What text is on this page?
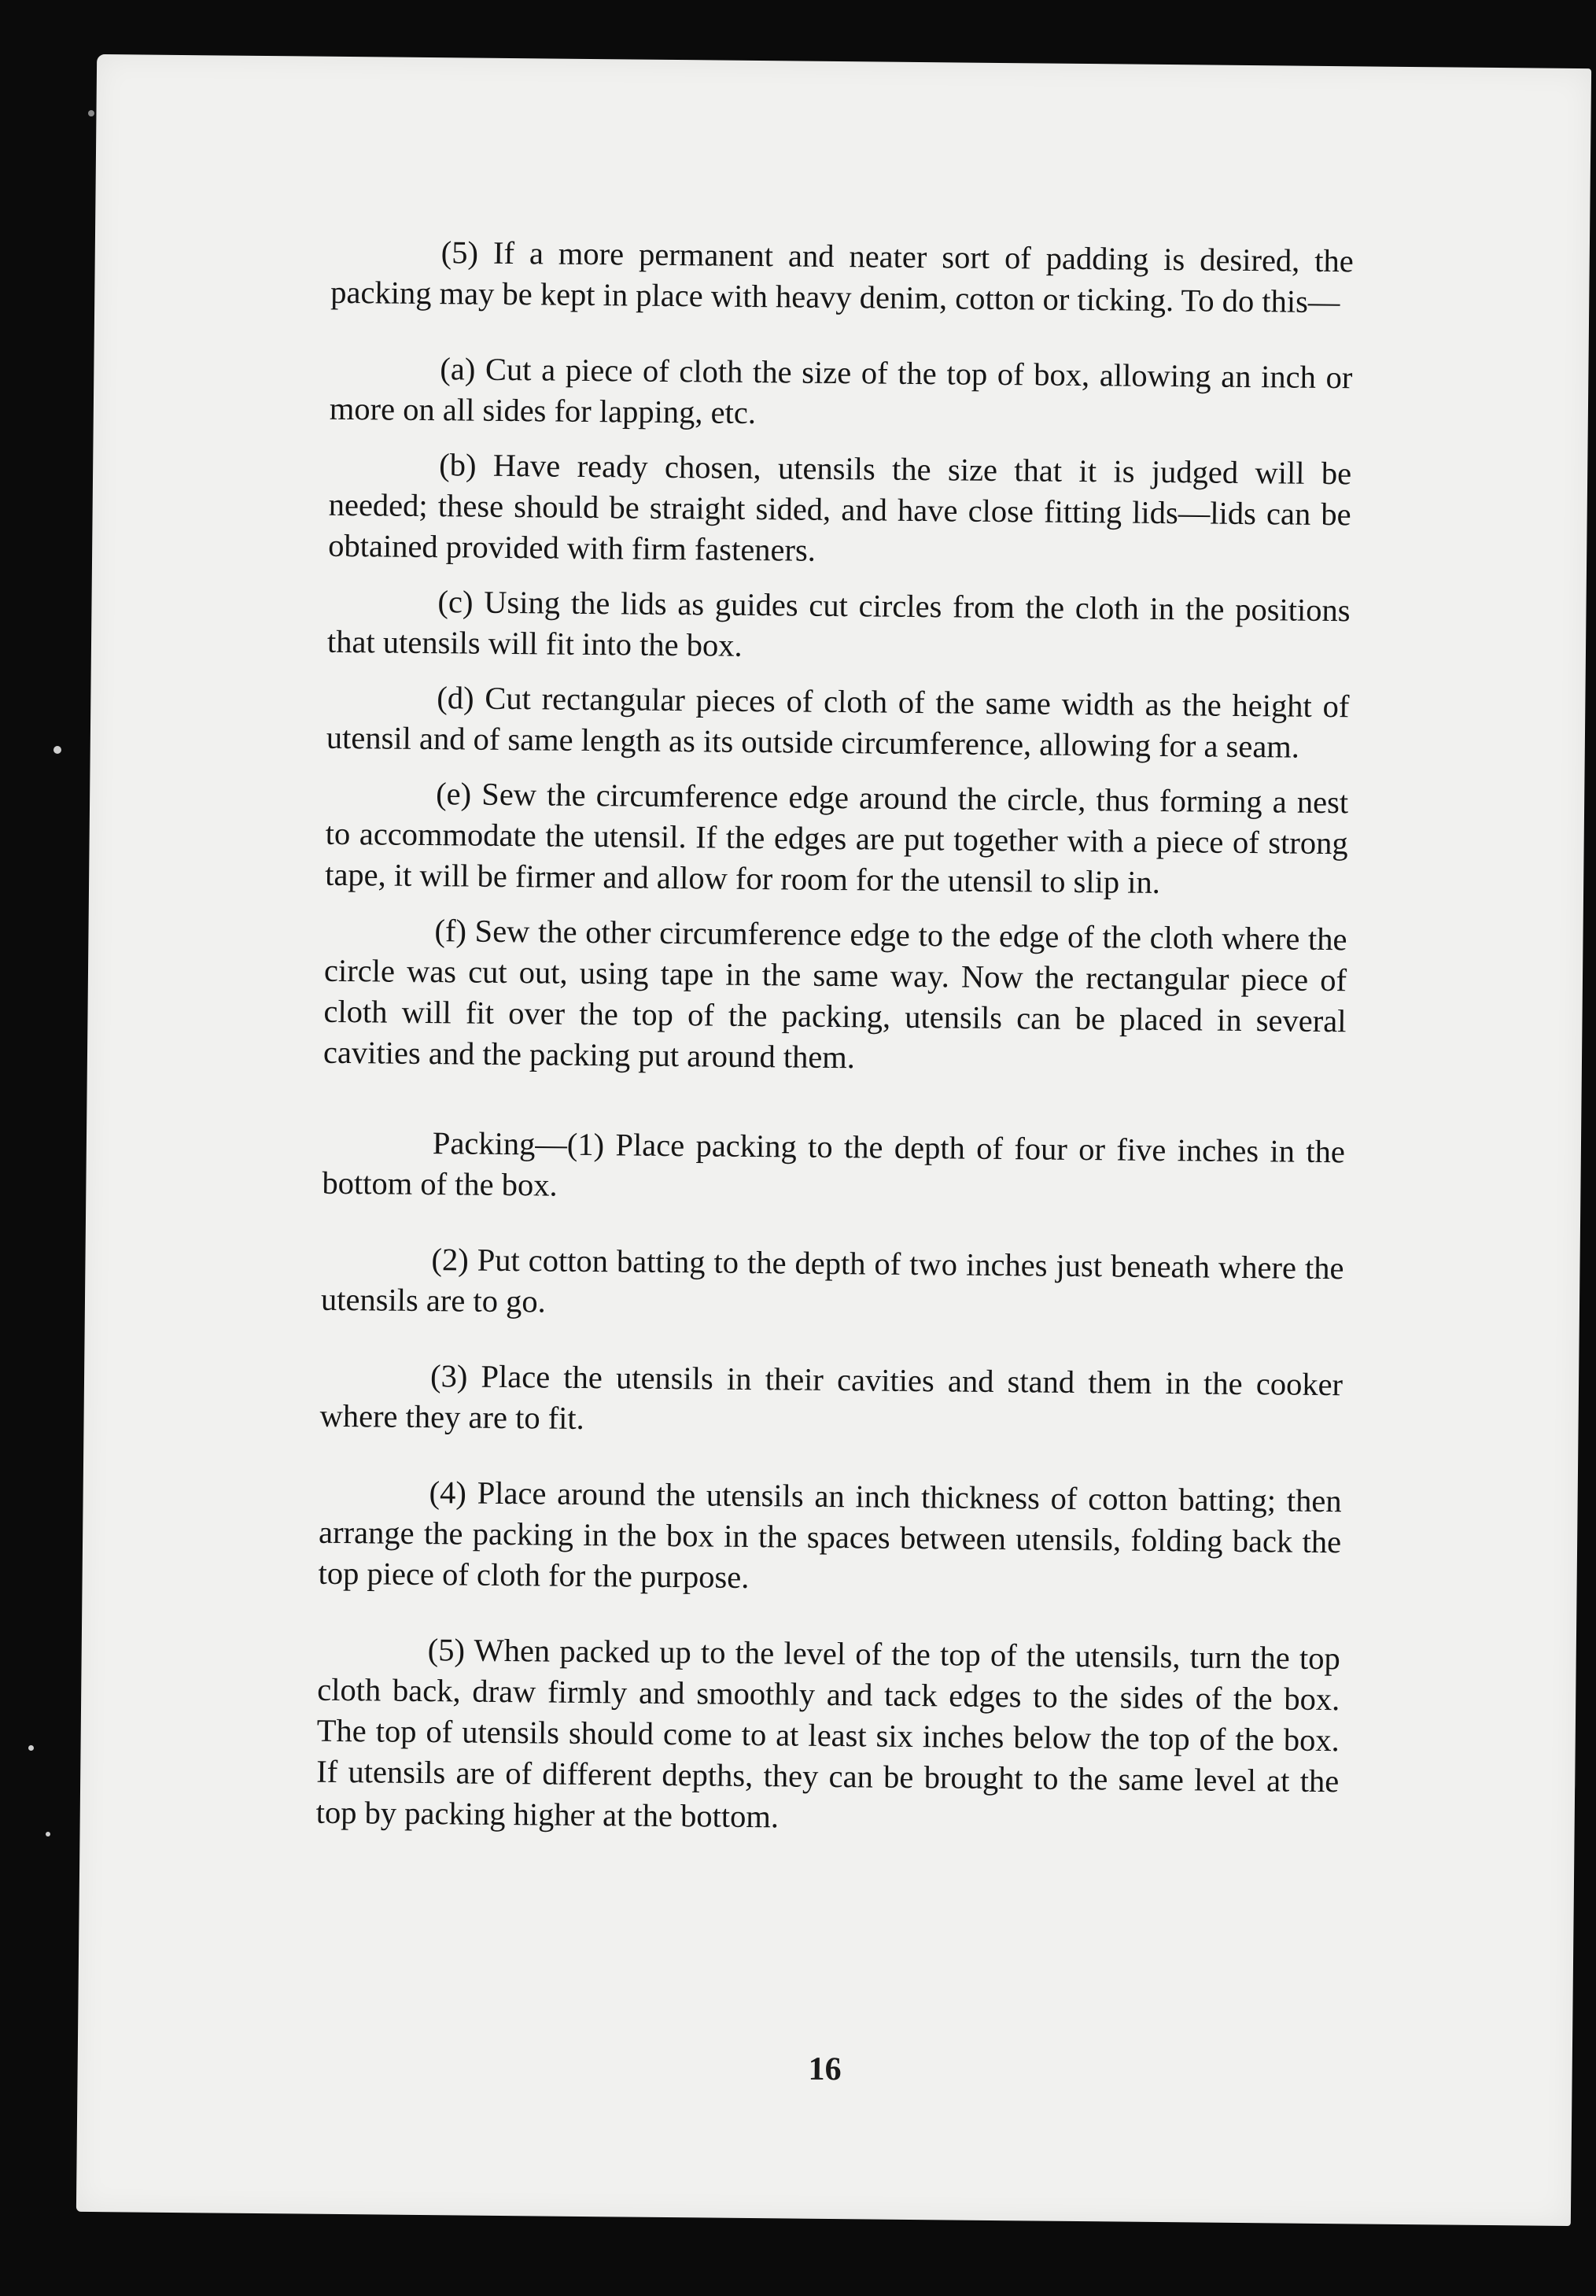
(5) If a more permanent and neater sort of padding is desired, the packing may be kept in place with heavy denim, cotton or ticking. To do this—

(a) Cut a piece of cloth the size of the top of box, allowing an inch or more on all sides for lapping, etc.

(b) Have ready chosen, utensils the size that it is judged will be needed; these should be straight sided, and have close fitting lids—lids can be obtained provided with firm fasteners.

(c) Using the lids as guides cut circles from the cloth in the positions that utensils will fit into the box.

(d) Cut rectangular pieces of cloth of the same width as the height of utensil and of same length as its outside circumference, allowing for a seam.

(e) Sew the circumference edge around the circle, thus forming a nest to accommodate the utensil. If the edges are put together with a piece of strong tape, it will be firmer and allow for room for the utensil to slip in.

(f) Sew the other circumference edge to the edge of the cloth where the circle was cut out, using tape in the same way. Now the rectangular piece of cloth will fit over the top of the packing, utensils can be placed in several cavities and the packing put around them.

Packing—(1) Place packing to the depth of four or five inches in the bottom of the box.

(2) Put cotton batting to the depth of two inches just beneath where the utensils are to go.

(3) Place the utensils in their cavities and stand them in the cooker where they are to fit.

(4) Place around the utensils an inch thickness of cotton batting; then arrange the packing in the box in the spaces between utensils, folding back the top piece of cloth for the purpose.

(5) When packed up to the level of the top of the utensils, turn the top cloth back, draw firmly and smoothly and tack edges to the sides of the box. The top of utensils should come to at least six inches below the top of the box. If utensils are of different depths, they can be brought to the same level at the top by packing higher at the bottom.

16
